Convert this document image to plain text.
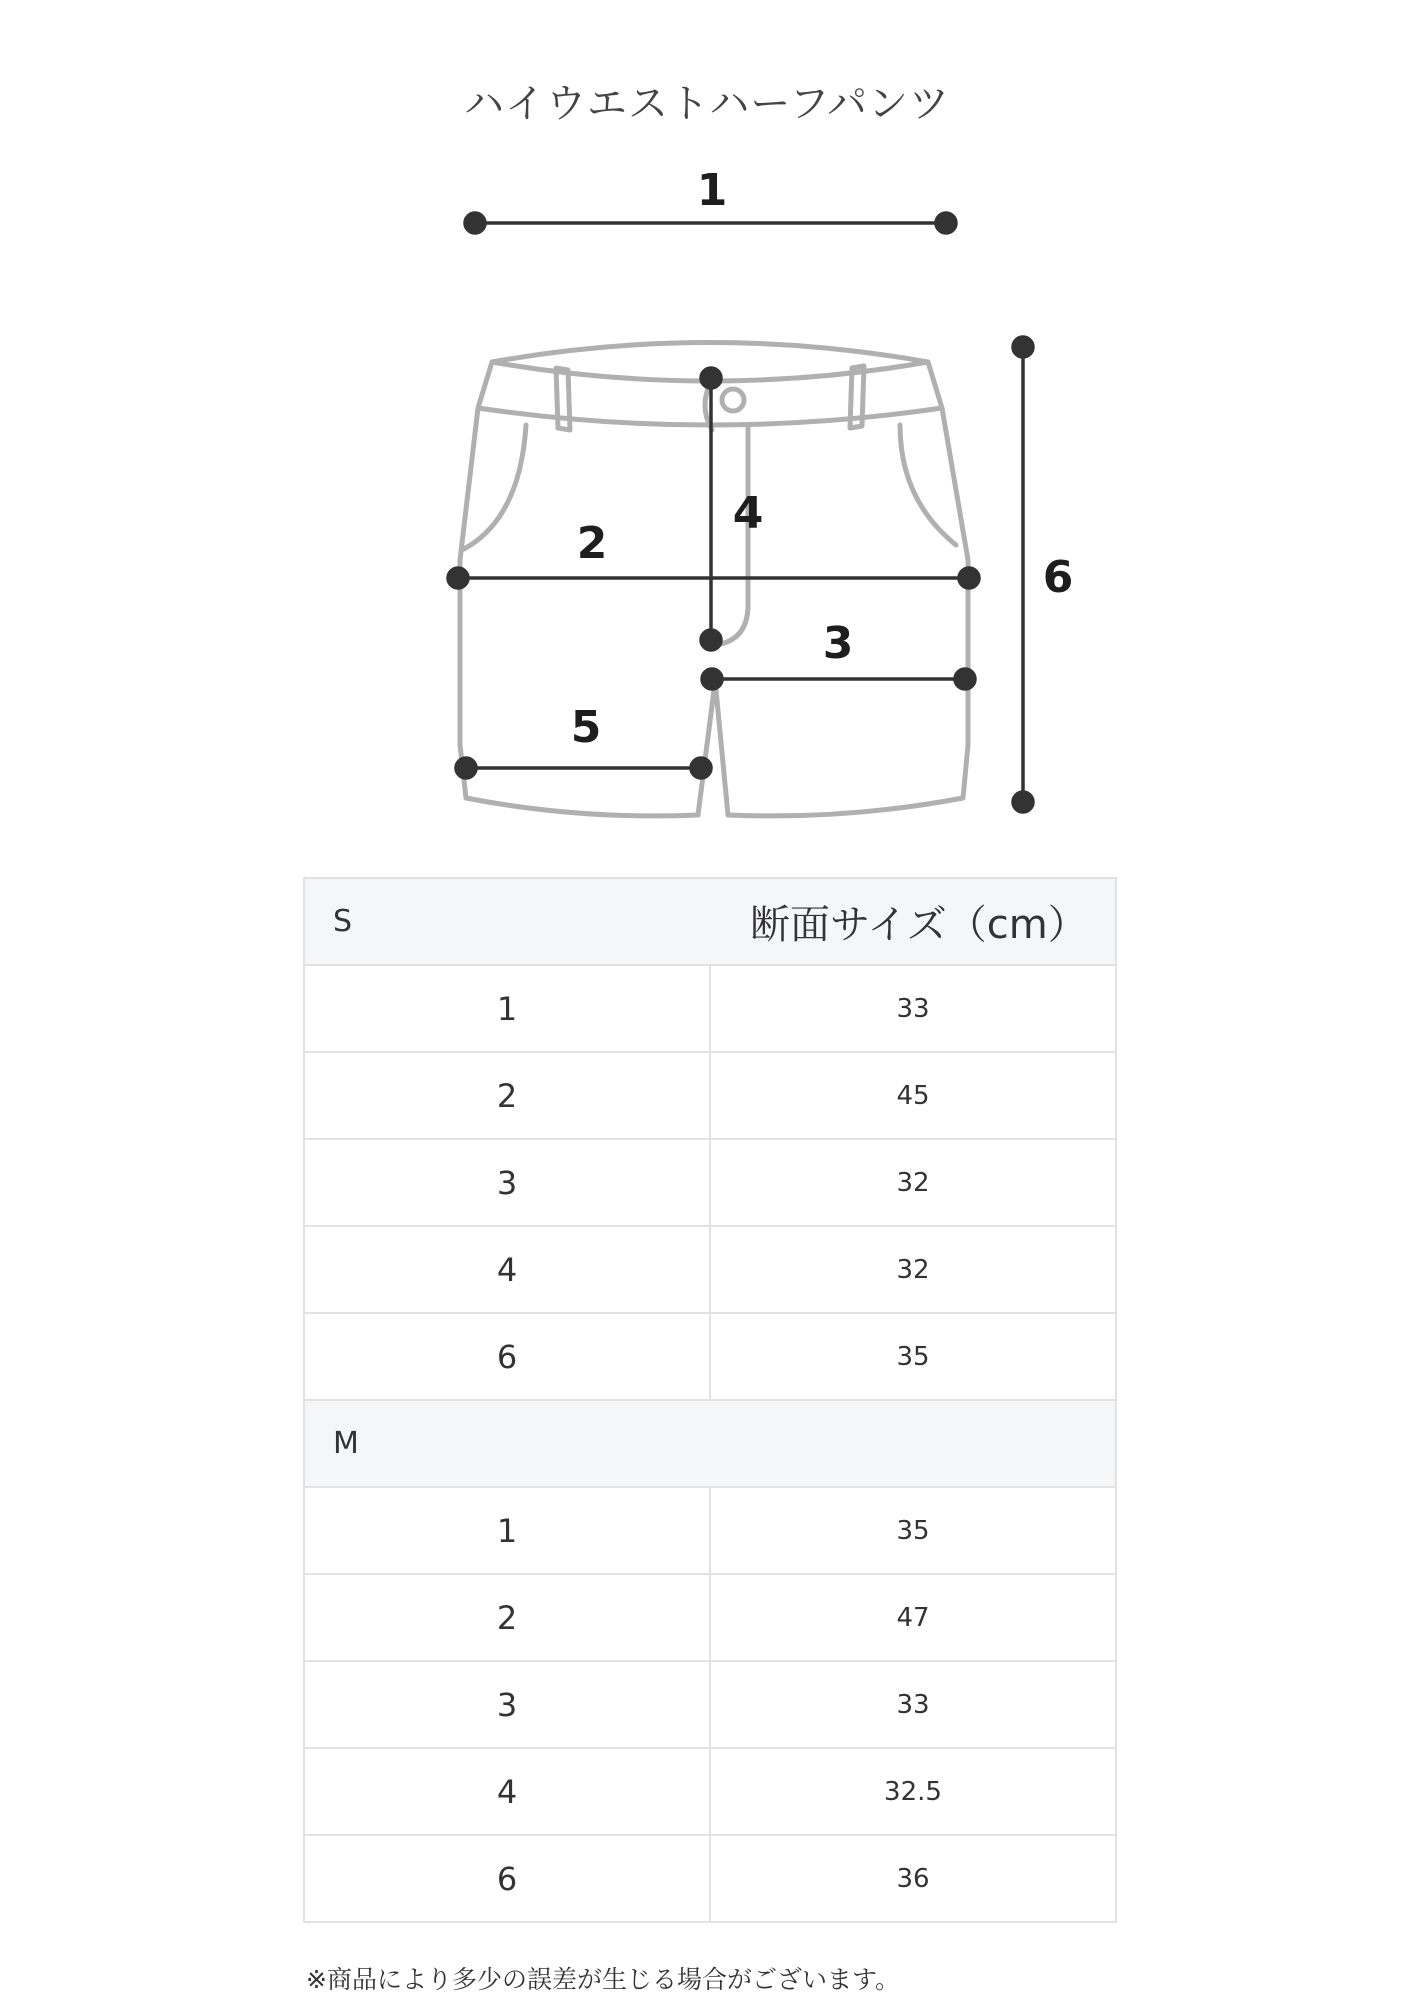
ハイウエストハーフパンツ
1
2
3
4
5
6
S	断面サイズ（cm）
1	33
2	45
3	32
4	32
6	35
M	
1	35
2	47
3	33
4	32.5
6	36
※商品により多少の誤差が生じる場合がございます。
